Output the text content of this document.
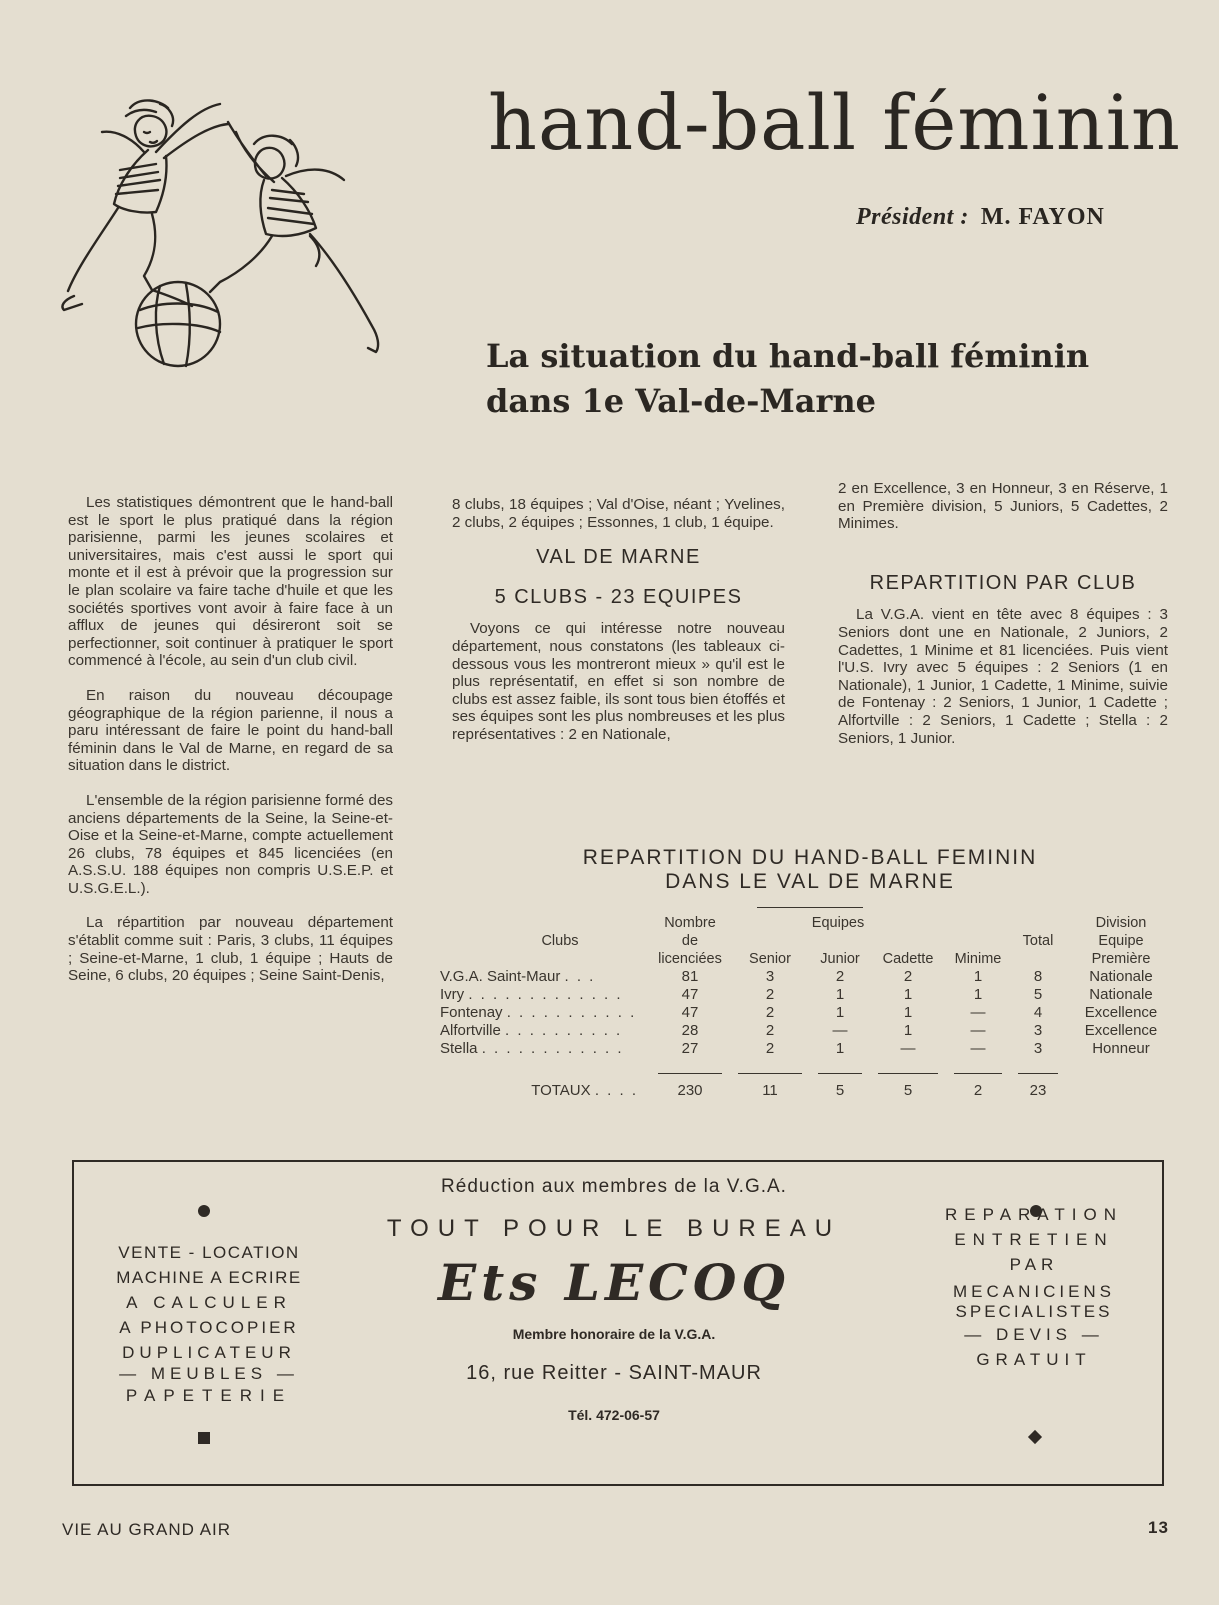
hand-ball féminin
Président : M. FAYON
La situation du hand-ball féminin
dans 1e Val-de-Marne

Les statistiques démontrent que le hand-ball est le sport le plus pratiqué dans la région parisienne, parmi les jeunes scolaires et universitaires, mais c'est aussi le sport qui monte et il est à prévoir que la progression sur le plan scolaire va faire tache d'huile et que les sociétés sportives vont avoir à faire face à un afflux de jeunes qui désireront soit se perfectionner, soit continuer à pratiquer le sport commencé à l'école, au sein d'un club civil.

En raison du nouveau découpage géographique de la région parienne, il nous a paru intéressant de faire le point du hand-ball féminin dans le Val de Marne, en regard de sa situation dans le district.

L'ensemble de la région parisienne formé des anciens départements de la Seine, la Seine-et-Oise et la Seine-et-Marne, compte actuellement 26 clubs, 78 équipes et 845 licenciées (en A.S.S.U. 188 équipes non compris U.S.E.P. et U.S.G.E.L.).

La répartition par nouveau département s'établit comme suit : Paris, 3 clubs, 11 équipes ; Seine-et-Marne, 1 club, 1 équipe ; Hauts de Seine, 6 clubs, 20 équipes ; Seine Saint-Denis,

8 clubs, 18 équipes ; Val d'Oise, néant ; Yvelines, 2 clubs, 2 équipes ; Essonnes, 1 club, 1 équipe.

VAL DE MARNE

5 CLUBS - 23 EQUIPES

Voyons ce qui intéresse notre nouveau département, nous constatons (les tableaux ci-dessous vous les montreront mieux » qu'il est le plus représentatif, en effet si son nombre de clubs est assez faible, ils sont tous bien étoffés et ses équipes sont les plus nombreuses et les plus représentatives : 2 en Nationale,

2 en Excellence, 3 en Honneur, 3 en Réserve, 1 en Première division, 5 Juniors, 5 Cadettes, 2 Minimes.

REPARTITION PAR CLUB

La V.G.A. vient en tête avec 8 équipes : 3 Seniors dont une en Nationale, 2 Juniors, 2 Cadettes, 1 Minime et 81 licenciées. Puis vient l'U.S. Ivry avec 5 équipes : 2 Seniors (1 en Nationale), 1 Junior, 1 Cadette, 1 Minime, suivie de Fontenay : 2 Seniors, 1 Junior, 1 Cadette ; Alfortville : 2 Seniors, 1 Cadette ; Stella : 2 Seniors, 1 Junior.

REPARTITION DU HAND-BALL FEMININ
DANS LE VAL DE MARNE
	Nombre	Equipes					Division
Clubs	de					Total	Equipe
	licenciées	Senior	Junior	Cadette	Minime		Première
V.G.A. Saint-Maur . . .	81	3	2	2	1	8	Nationale
Ivry . . . . . . . . . . . . .	47	2	1	1	1	5	Nationale
Fontenay . . . . . . . . . . .	47	2	1	1	—	4	Excellence
Alfortville . . . . . . . . . .	28	2	—	1	—	3	Excellence
Stella . . . . . . . . . . . .	27	2	1	—	—	3	Honneur

TOTAUX . . . .	230	11	5	5	2	23	
VENTE - LOCATION
MACHINE A ECRIRE
A CALCULER
A PHOTOCOPIER
DUPLICATEUR
— MEUBLES —
PAPETERIE
Réduction aux membres de la V.G.A.
TOUT POUR LE BUREAU
Ets LECOQ
Membre honoraire de la V.G.A.
16, rue Reitter - SAINT-MAUR
Tél. 472-06-57
REPARATION
ENTRETIEN
PAR
MECANICIENS
SPECIALISTES
— DEVIS —
GRATUIT
VIE AU GRAND AIR	13
